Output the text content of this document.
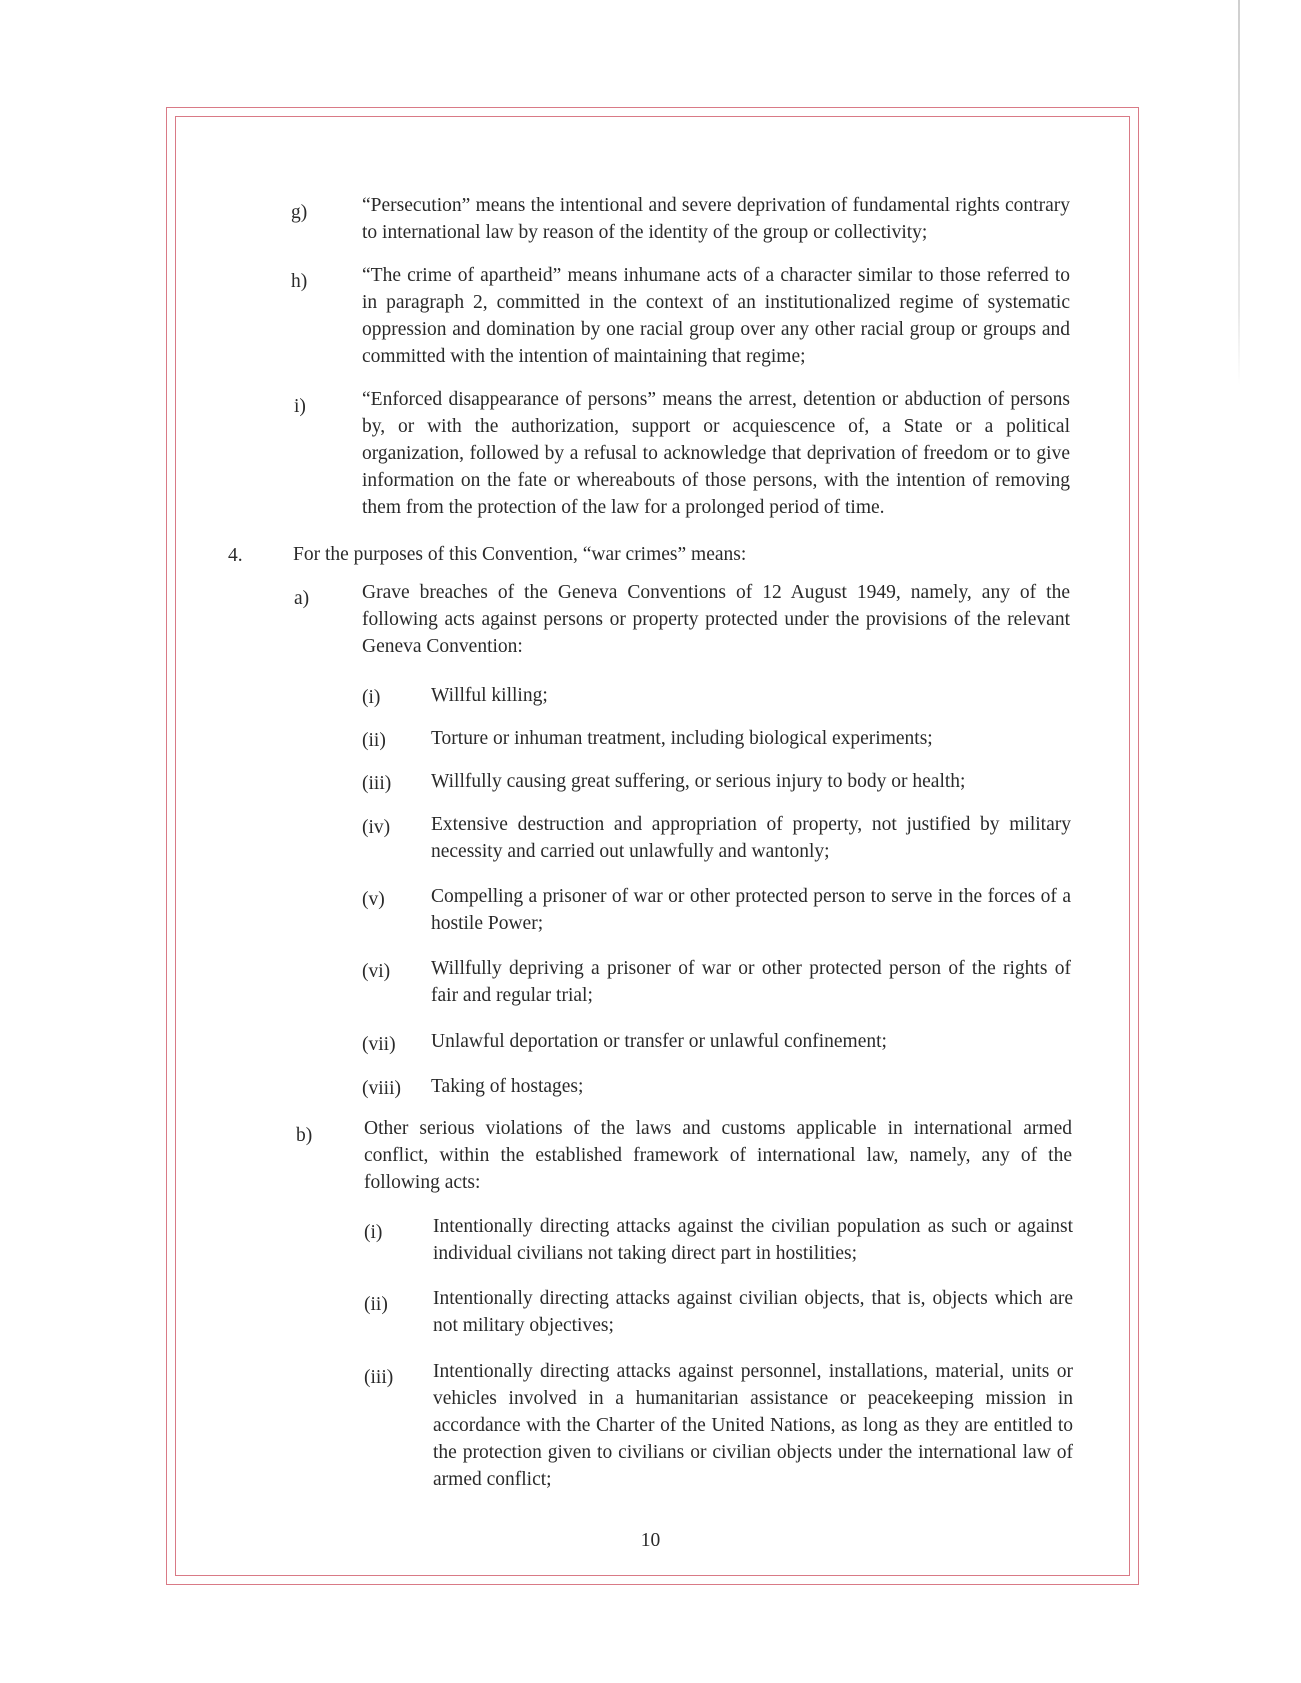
g)	“Persecution” means the intentional and severe deprivation of fundamental rights contrary to international law by reason of the identity of the group or collectivity;
h)	“The crime of apartheid” means inhumane acts of a character similar to those referred to in paragraph 2, committed in the context of an institutionalized regime of systematic oppression and domination by one racial group over any other racial group or groups and committed with the intention of maintaining that regime;
i)	“Enforced disappearance of persons” means the arrest, detention or abduction of persons by, or with the authorization, support or acquiescence of, a State or a political organization, followed by a refusal to acknowledge that deprivation of freedom or to give information on the fate or whereabouts of those persons, with the intention of removing them from the protection of the law for a prolonged period of time.
4.	For the purposes of this Convention, “war crimes” means:
a)	Grave breaches of the Geneva Conventions of 12 August 1949, namely, any of the following acts against persons or property protected under the provisions of the relevant Geneva Convention:
(i)	Willful killing;
(ii) Torture or inhuman treatment, including biological experiments;
(iii) Willfully causing great suffering, or serious injury to body or health;
(iv) Extensive destruction and appropriation of property, not justified by military necessity and carried out unlawfully and wantonly;
(v) Compelling a prisoner of war or other protected person to serve in the forces of a hostile Power;
(vi) Willfully depriving a prisoner of war or other protected person of the rights of fair and regular trial;
(vii) Unlawful deportation or transfer or unlawful confinement;
(viii) Taking of hostages;
b)	Other serious violations of the laws and customs applicable in international armed conflict, within the established framework of international law, namely, any of the following acts:
(i)	Intentionally directing attacks against the civilian population as such or against individual civilians not taking direct part in hostilities;
(ii) Intentionally directing attacks against civilian objects, that is, objects which are not military objectives;
(iii) Intentionally directing attacks against personnel, installations, material, units or vehicles involved in a humanitarian assistance or peacekeeping mission in accordance with the Charter of the United Nations, as long as they are entitled to the protection given to civilians or civilian objects under the international law of armed conflict;
10
